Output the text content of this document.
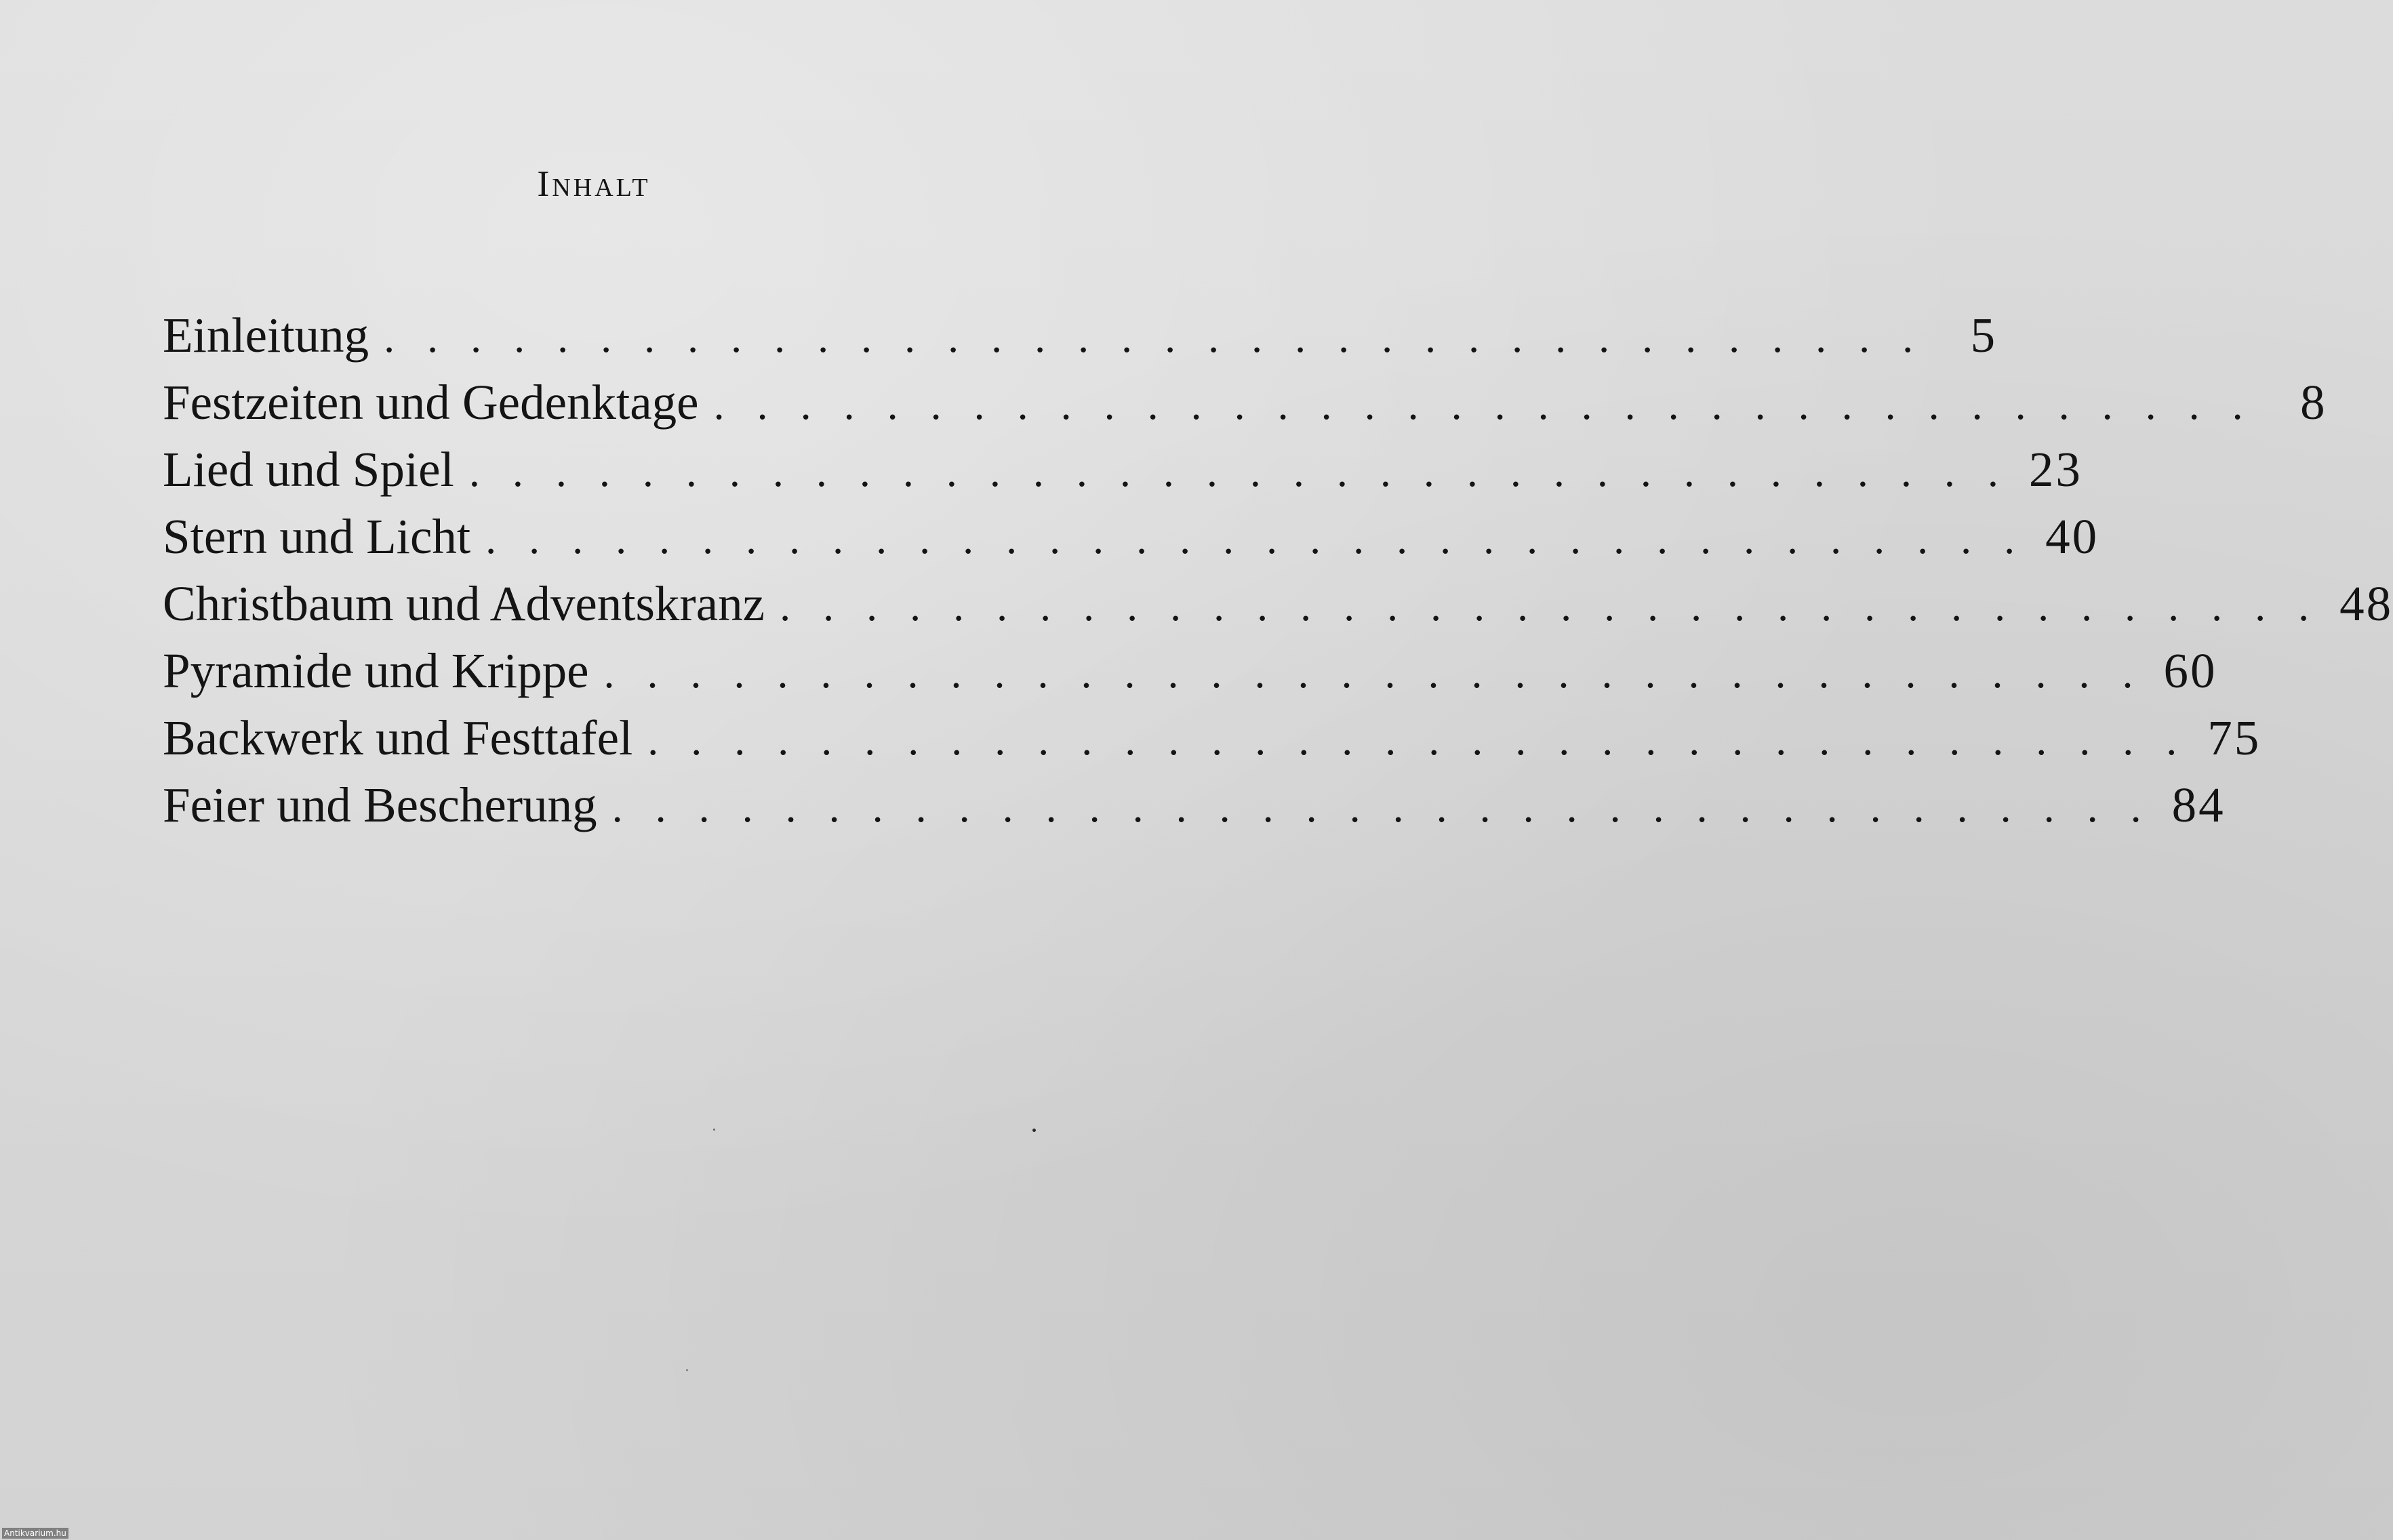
Inhalt
Einleitung . . . . . . . . . . . . . . . . . . . . . . . . . . . . . . . . . . . . 5
Festzeiten und Gedenktage . . . . . . . . . . . . . . . . . . . . . . . . . . . . . . . . . . . . 8
Lied und Spiel . . . . . . . . . . . . . . . . . . . . . . . . . . . . . . . . . . . . 23
Stern und Licht . . . . . . . . . . . . . . . . . . . . . . . . . . . . . . . . . . . . 40
Christbaum und Adventskranz . . . . . . . . . . . . . . . . . . . . . . . . . . . . . . . . . . . . 48
Pyramide und Krippe . . . . . . . . . . . . . . . . . . . . . . . . . . . . . . . . . . . . 60
Backwerk und Festtafel . . . . . . . . . . . . . . . . . . . . . . . . . . . . . . . . . . . . 75
Feier und Bescherung . . . . . . . . . . . . . . . . . . . . . . . . . . . . . . . . . . . . 84
Antikvarium.hu
